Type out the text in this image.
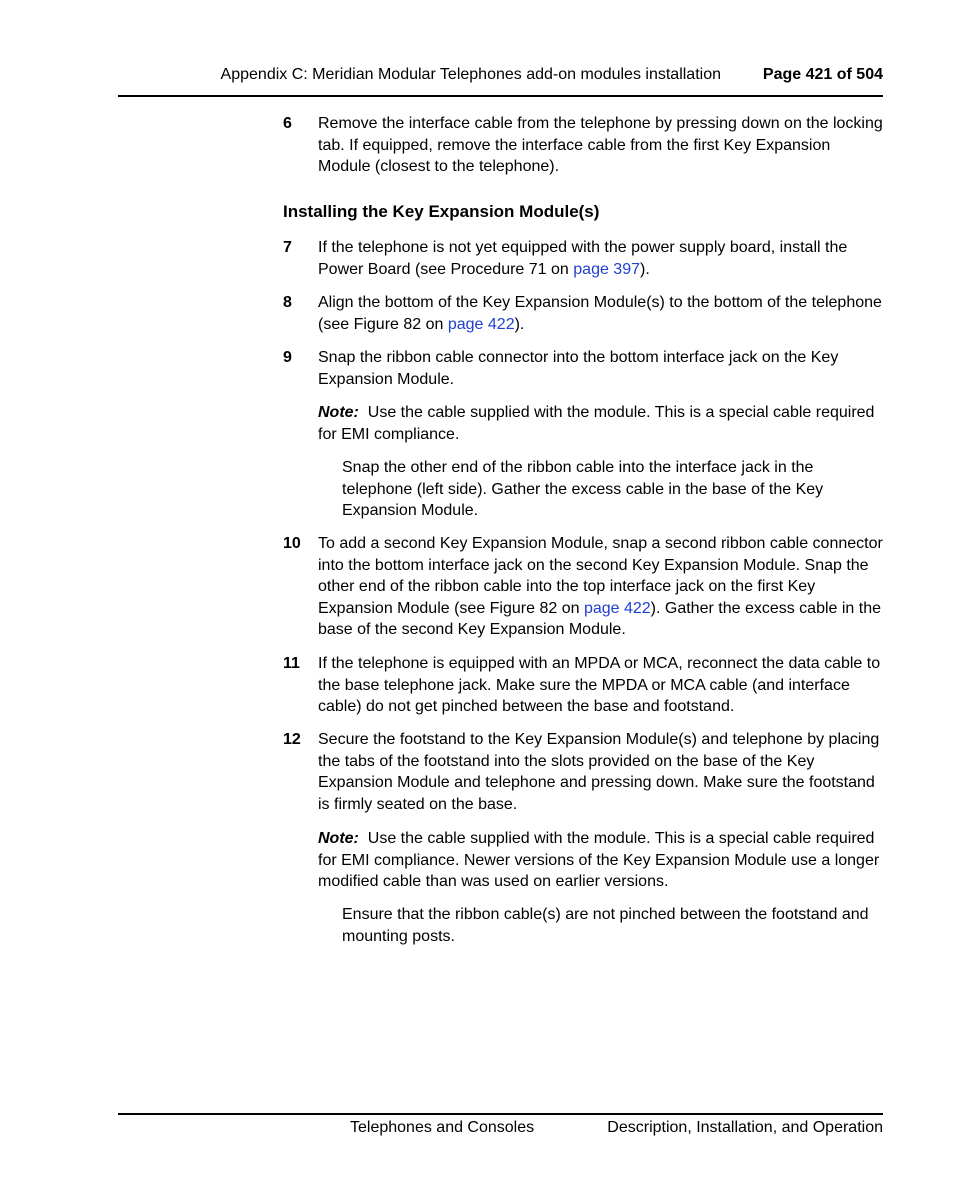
Appendix C: Meridian Modular Telephones add-on modules installation	Page 421 of 504
6 Remove the interface cable from the telephone by pressing down on the locking tab. If equipped, remove the interface cable from the first Key Expansion Module (closest to the telephone).
Installing the Key Expansion Module(s)
7 If the telephone is not yet equipped with the power supply board, install the Power Board (see Procedure 71 on page 397).
8 Align the bottom of the Key Expansion Module(s) to the bottom of the telephone (see Figure 82 on page 422).
9 Snap the ribbon cable connector into the bottom interface jack on the Key Expansion Module.
Note: Use the cable supplied with the module. This is a special cable required for EMI compliance.
Snap the other end of the ribbon cable into the interface jack in the telephone (left side). Gather the excess cable in the base of the Key Expansion Module.
10 To add a second Key Expansion Module, snap a second ribbon cable connector into the bottom interface jack on the second Key Expansion Module. Snap the other end of the ribbon cable into the top interface jack on the first Key Expansion Module (see Figure 82 on page 422). Gather the excess cable in the base of the second Key Expansion Module.
11 If the telephone is equipped with an MPDA or MCA, reconnect the data cable to the base telephone jack. Make sure the MPDA or MCA cable (and interface cable) do not get pinched between the base and footstand.
12 Secure the footstand to the Key Expansion Module(s) and telephone by placing the tabs of the footstand into the slots provided on the base of the Key Expansion Module and telephone and pressing down. Make sure the footstand is firmly seated on the base.
Note: Use the cable supplied with the module. This is a special cable required for EMI compliance. Newer versions of the Key Expansion Module use a longer modified cable than was used on earlier versions.
Ensure that the ribbon cable(s) are not pinched between the footstand and mounting posts.
Telephones and Consoles	Description, Installation, and Operation
